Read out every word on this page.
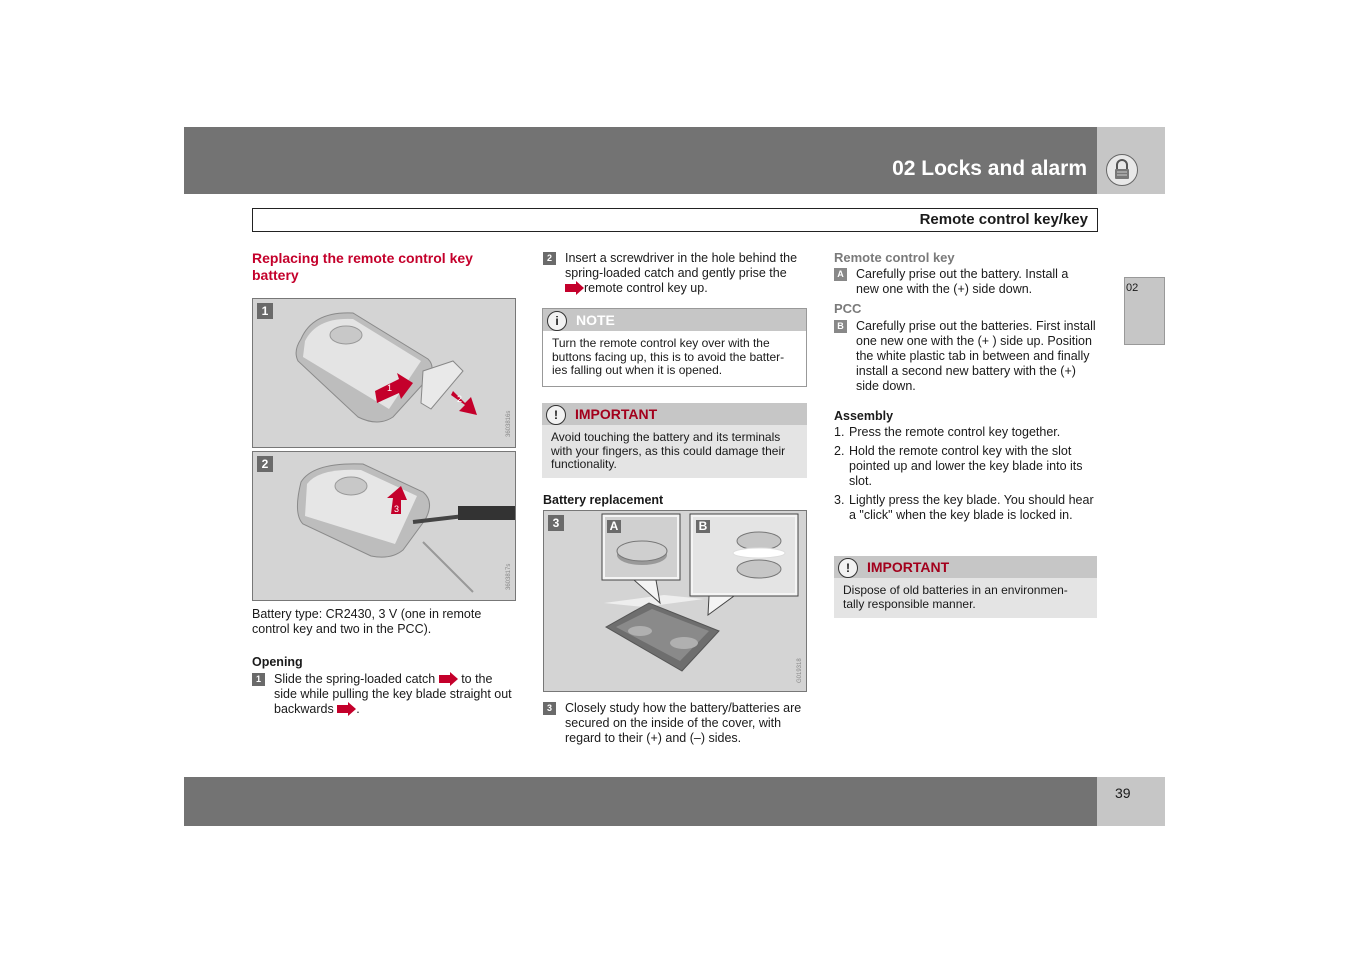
02 Locks and alarm
Remote control key/key
02
Replacing the remote control key battery
1
2
1
3603816s
3
2
3603817s
Battery type: CR2430, 3 V (one in remote control key and two in the PCC).
Opening
1	Slide the spring-loaded catch to the side while pulling the key blade straight out backwards .
2	Insert a screwdriver in the hole behind the spring-loaded catch and gently prise the remote control key up.
i	NOTE
Turn the remote control key over with the buttons facing up, this is to avoid the batter-ies falling out when it is opened.
!	IMPORTANT
Avoid touching the battery and its terminals with your fingers, as this could damage their functionality.
Battery replacement
3	A	B
G019318
3	Closely study how the battery/batteries are secured on the inside of the cover, with regard to their (+) and (–) sides.
Remote control key
A Carefully prise out the battery. Install a new one with the (+) side down.
PCC
B Carefully prise out the batteries. First install one new one with the (+ ) side up. Position the white plastic tab in between and finally install a second new battery with the (+) side down.
Assembly
1. Press the remote control key together.
2. Hold the remote control key with the slot pointed up and lower the key blade into its slot.
3. Lightly press the key blade. You should hear a "click" when the key blade is locked in.
!	IMPORTANT
Dispose of old batteries in an environmen-tally responsible manner.
39
